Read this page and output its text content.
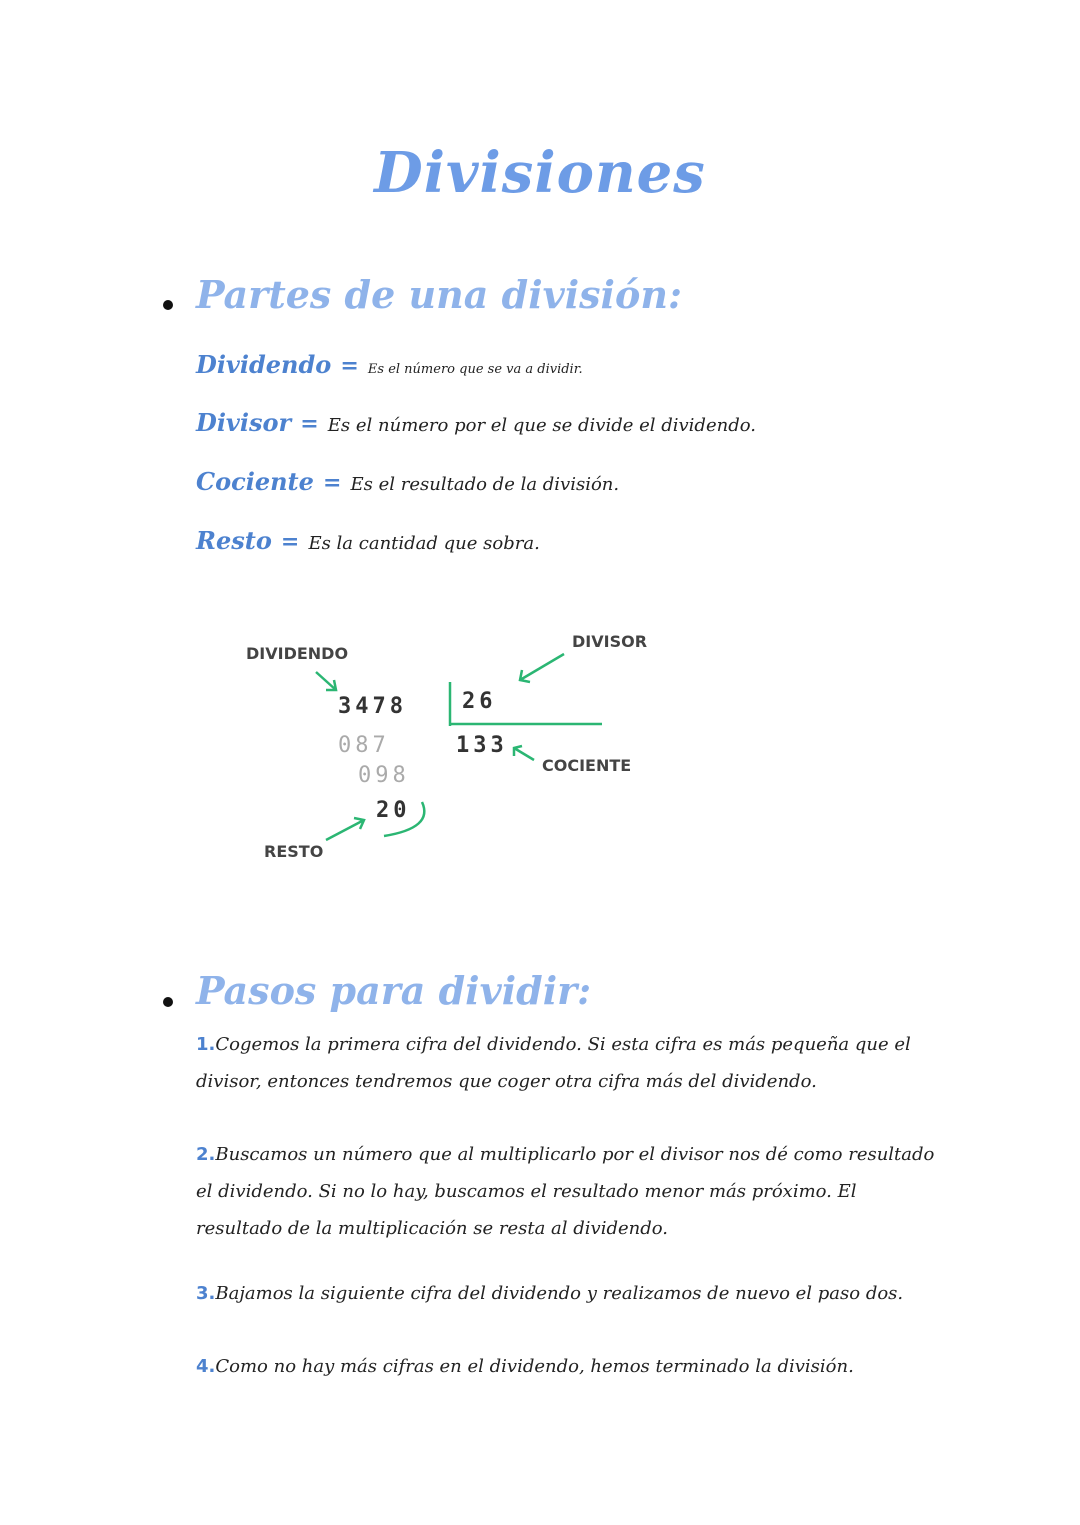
Divisiones
Partes de una división:
Dividendo = Es el número que se va a dividir.
Divisor = Es el número por el que se divide el dividendo.
Cociente = Es el resultado de la división.
Resto = Es la cantidad que sobra.
DIVIDENDO
DIVISOR
COCIENTE
RESTO
3478
087
098
20
26
133
Pasos para dividir:
1.Cogemos la primera cifra del dividendo. Si esta cifra es más pequeña que el divisor, entonces tendremos que coger otra cifra más del dividendo.
2.Buscamos un número que al multiplicarlo por el divisor nos dé como resultado el dividendo. Si no lo hay, buscamos el resultado menor más próximo. El resultado de la multiplicación se resta al dividendo.
3.Bajamos la siguiente cifra del dividendo y realizamos de nuevo el paso dos.
4.Como no hay más cifras en el dividendo, hemos terminado la división.
